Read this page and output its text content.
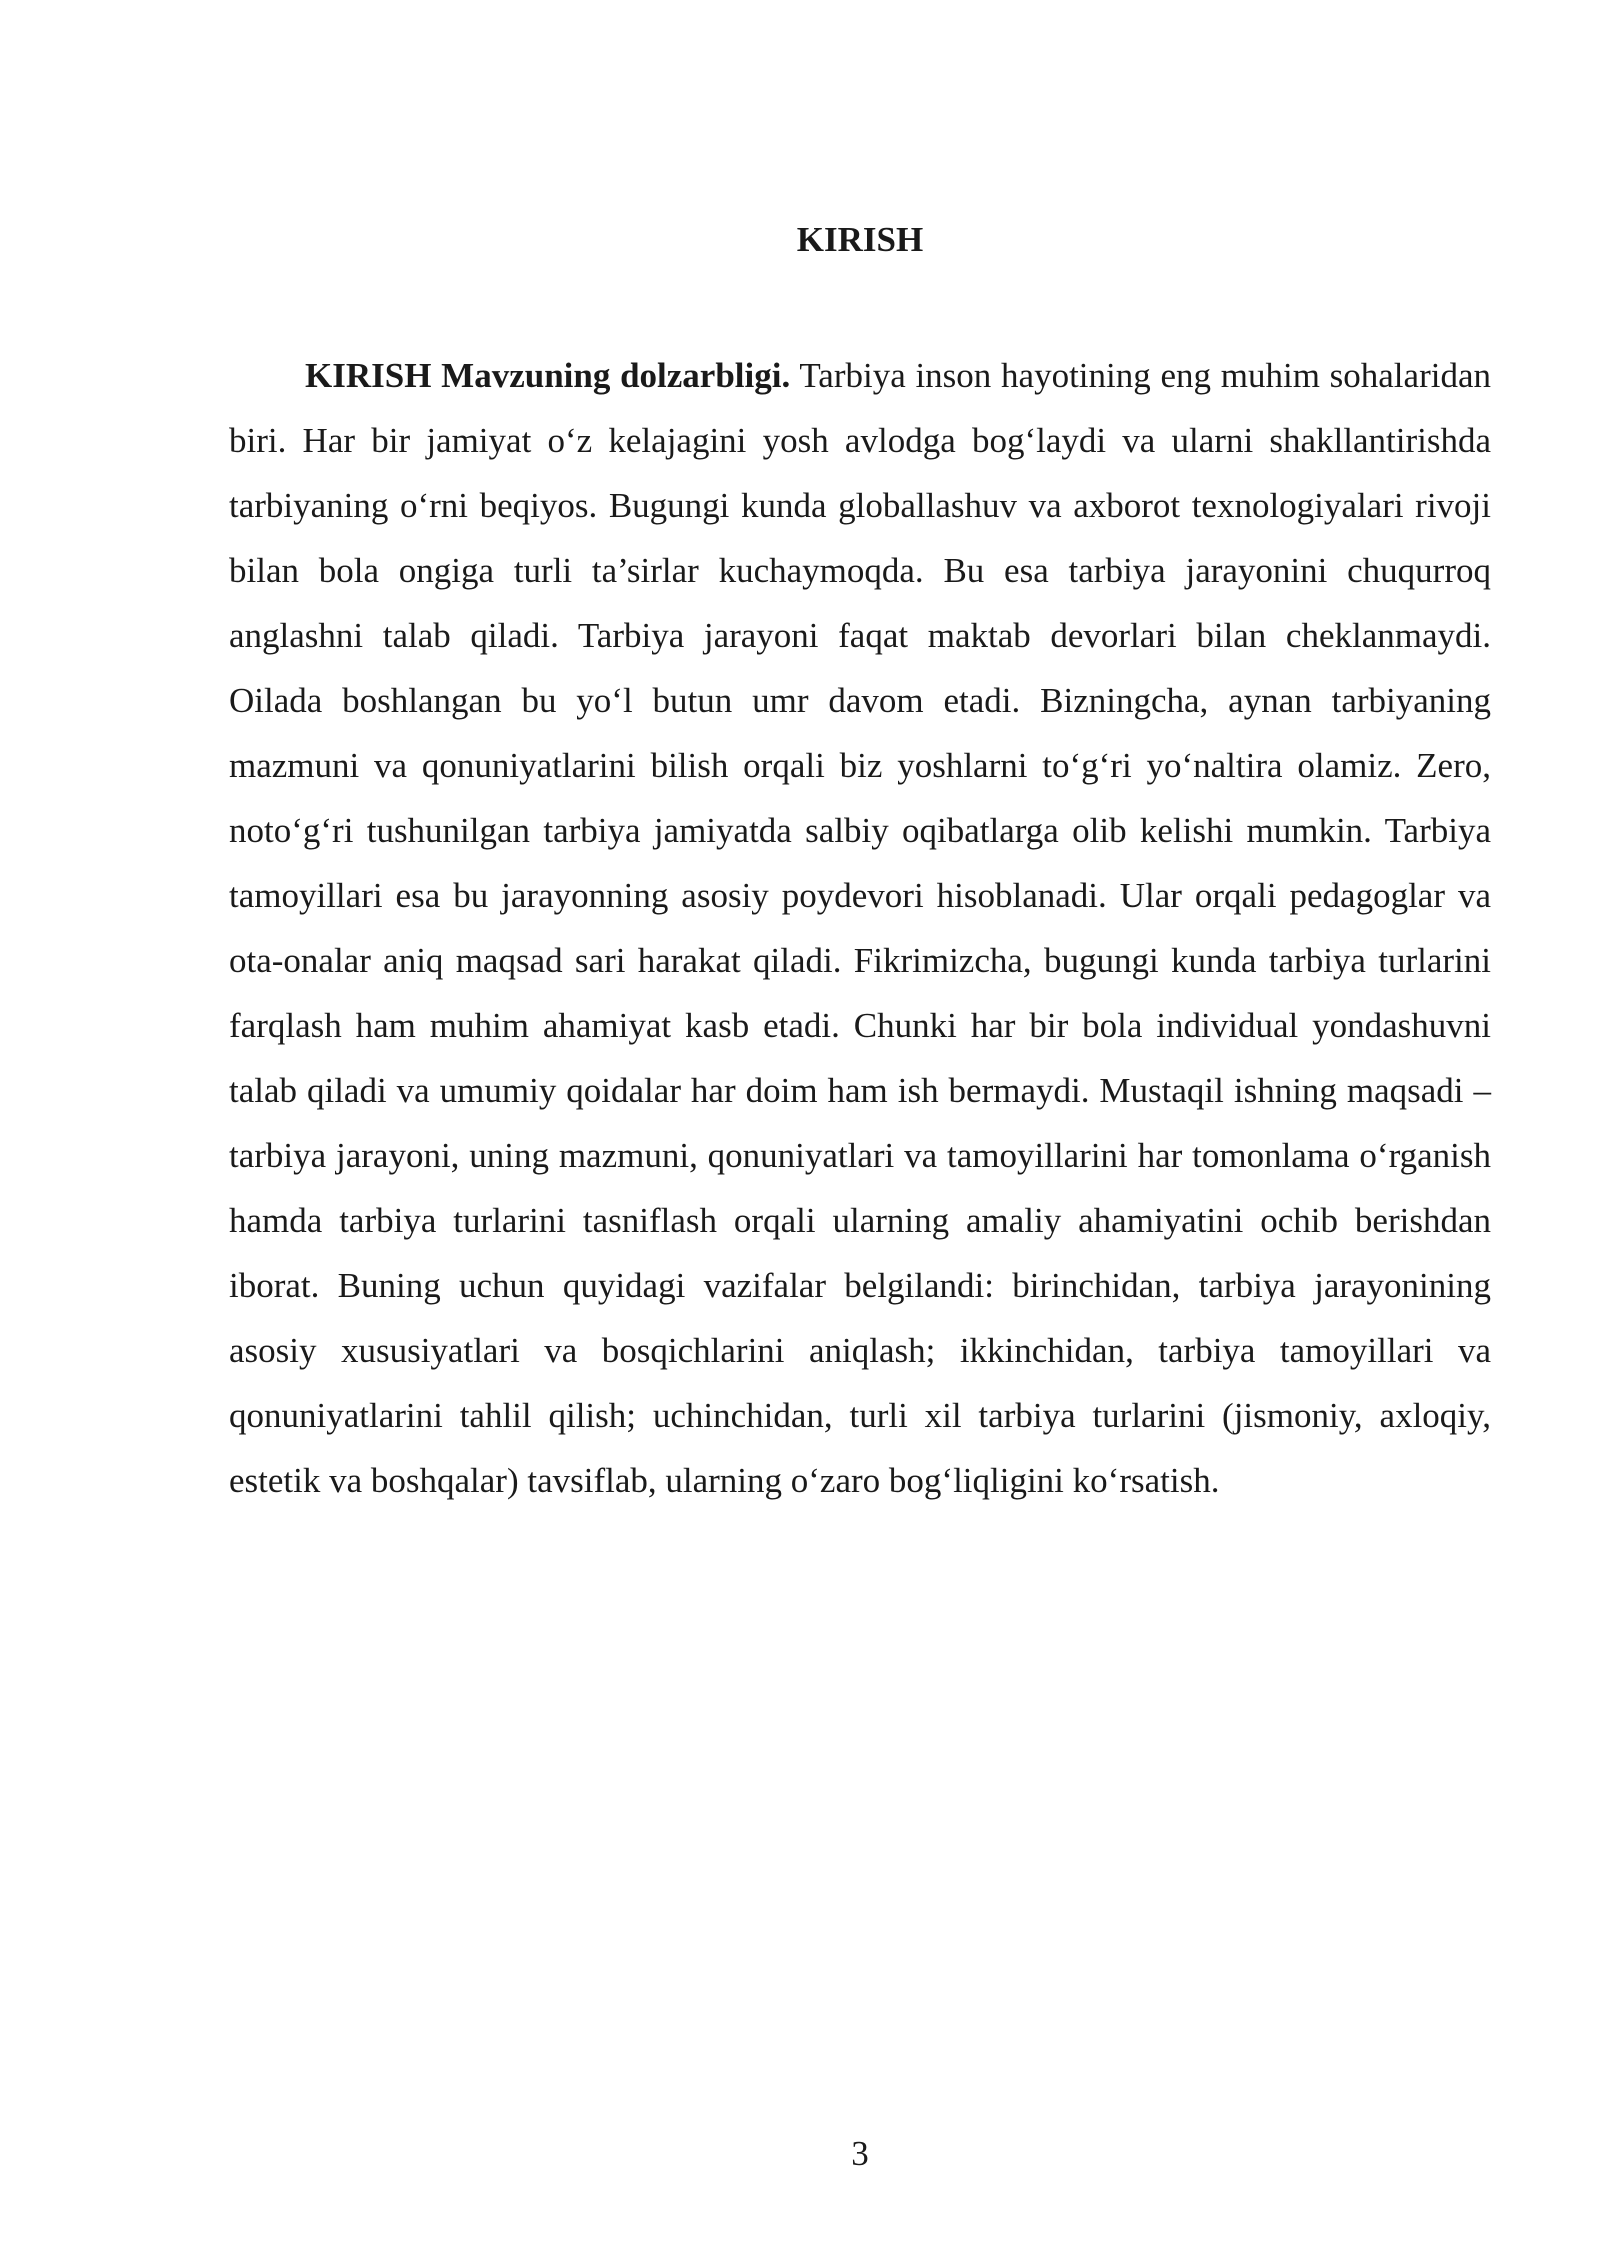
KIRISH

KIRISH Mavzuning dolzarbligi. Tarbiya inson hayotining eng muhim sohalaridan biri. Har bir jamiyat o‘z kelajagini yosh avlodga bog‘laydi va ularni shakllantirishda tarbiyaning o‘rni beqiyos. Bugungi kunda globallashuv va axborot texnologiyalari rivoji bilan bola ongiga turli ta’sirlar kuchaymoqda. Bu esa tarbiya jarayonini chuqurroq anglashni talab qiladi. Tarbiya jarayoni faqat maktab devorlari bilan cheklanmaydi. Oilada boshlangan bu yo‘l butun umr davom etadi. Bizningcha, aynan tarbiyaning mazmuni va qonuniyatlarini bilish orqali biz yoshlarni to‘g‘ri yo‘naltira olamiz. Zero, noto‘g‘ri tushunilgan tarbiya jamiyatda salbiy oqibatlarga olib kelishi mumkin. Tarbiya tamoyillari esa bu jarayonning asosiy poydevori hisoblanadi. Ular orqali pedagoglar va ota-onalar aniq maqsad sari harakat qiladi. Fikrimizcha, bugungi kunda tarbiya turlarini farqlash ham muhim ahamiyat kasb etadi. Chunki har bir bola individual yondashuvni talab qiladi va umumiy qoidalar har doim ham ish bermaydi. Mustaqil ishning maqsadi – tarbiya jarayoni, uning mazmuni, qonuniyatlari va tamoyillarini har tomonlama o‘rganish hamda tarbiya turlarini tasniflash orqali ularning amaliy ahamiyatini ochib berishdan iborat. Buning uchun quyidagi vazifalar belgilandi: birinchidan, tarbiya jarayonining asosiy xususiyatlari va bosqichlarini aniqlash; ikkinchidan, tarbiya tamoyillari va qonuniyatlarini tahlil qilish; uchinchidan, turli xil tarbiya turlarini (jismoniy, axloqiy, estetik va boshqalar) tavsiflab, ularning o‘zaro bog‘liqligini ko‘rsatish.

3
